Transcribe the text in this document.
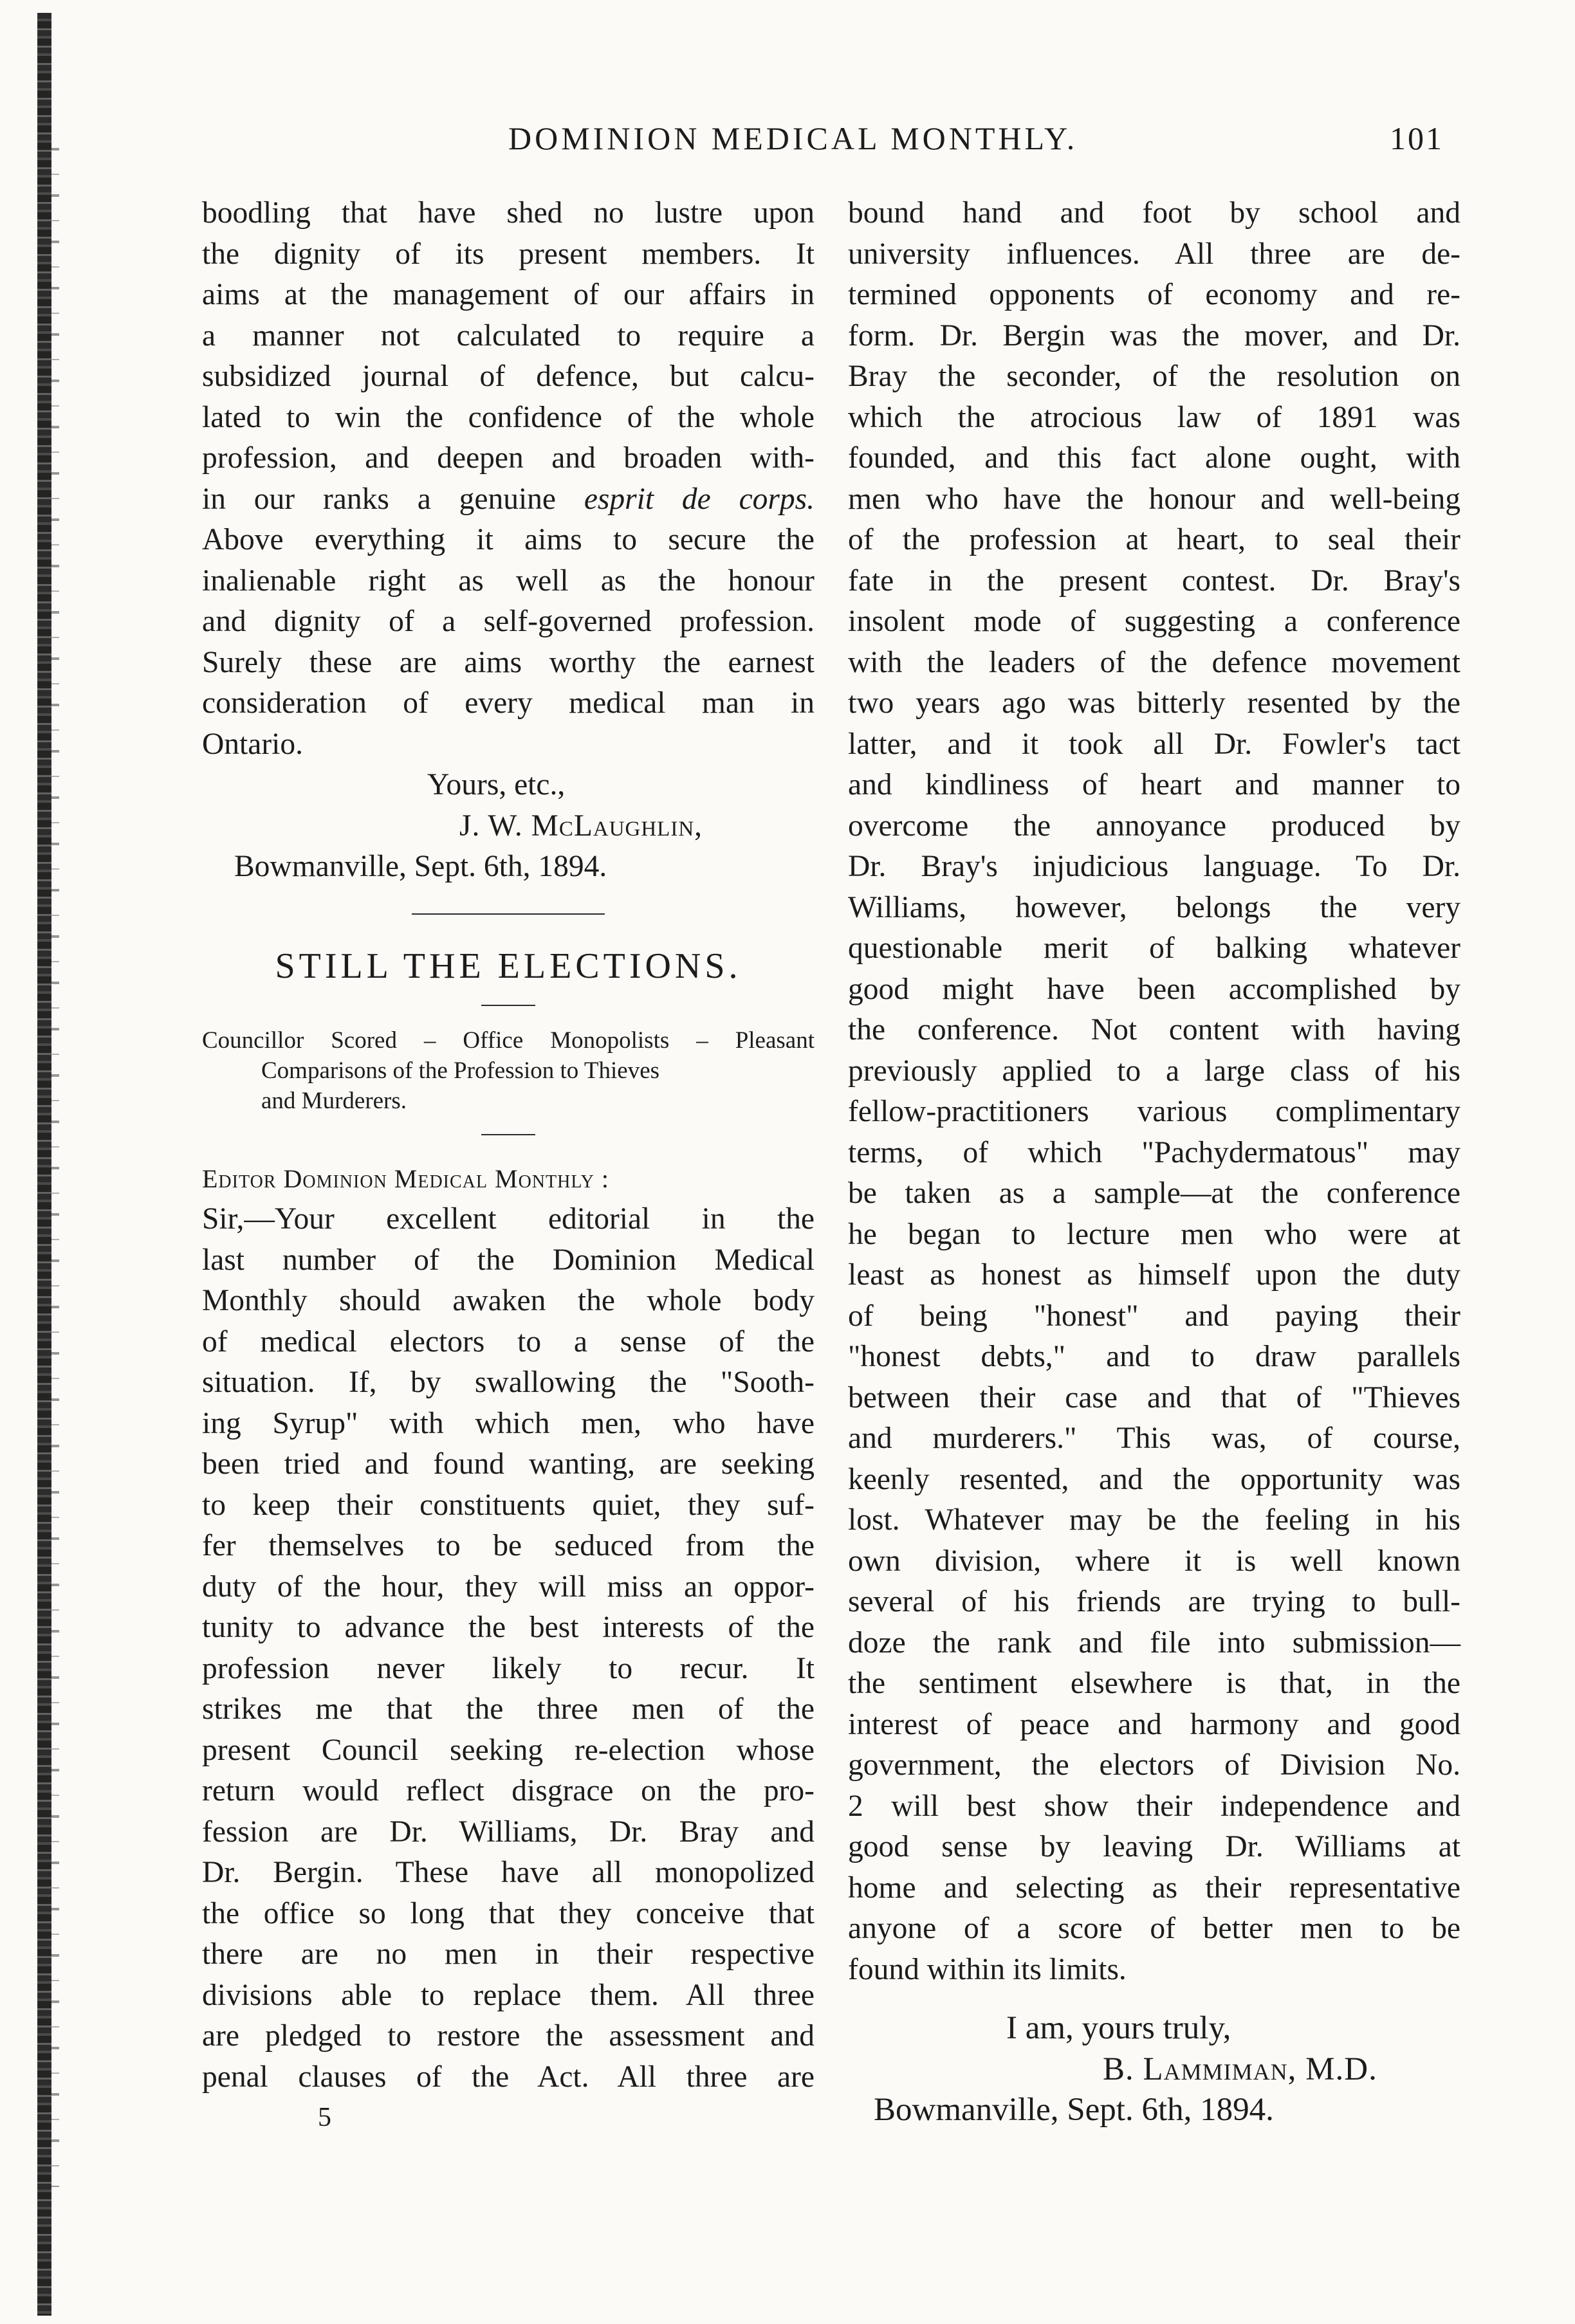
DOMINION MEDICAL MONTHLY.	101
boodling that have shed no lustre upon
the dignity of its present members. It
aims at the management of our affairs in
a manner not calculated to require a
subsidized journal of defence, but calcu-
lated to win the confidence of the whole
profession, and deepen and broaden with-
in our ranks a genuine esprit de corps.
Above everything it aims to secure the
inalienable right as well as the honour
and dignity of a self-governed profession.
Surely these are aims worthy the earnest
consideration of every medical man in
Ontario.
Yours, etc.,
J. W. McLaughlin,
Bowmanville, Sept. 6th, 1894.
STILL THE ELECTIONS.
Councillor Scored – Office Monopolists – Pleasant
Comparisons of the Profession to Thieves
and Murderers.
Editor Dominion Medical Monthly :
Sir,—Your excellent editorial in the
last number of the Dominion Medical
Monthly should awaken the whole body
of medical electors to a sense of the
situation. If, by swallowing the "Sooth-
ing Syrup" with which men, who have
been tried and found wanting, are seeking
to keep their constituents quiet, they suf-
fer themselves to be seduced from the
duty of the hour, they will miss an oppor-
tunity to advance the best interests of the
profession never likely to recur. It
strikes me that the three men of the
present Council seeking re-election whose
return would reflect disgrace on the pro-
fession are Dr. Williams, Dr. Bray and
Dr. Bergin. These have all monopolized
the office so long that they conceive that
there are no men in their respective
divisions able to replace them. All three
are pledged to restore the assessment and
penal clauses of the Act. All three are
5
bound hand and foot by school and
university influences. All three are de-
termined opponents of economy and re-
form. Dr. Bergin was the mover, and Dr.
Bray the seconder, of the resolution on
which the atrocious law of 1891 was
founded, and this fact alone ought, with
men who have the honour and well-being
of the profession at heart, to seal their
fate in the present contest. Dr. Bray's
insolent mode of suggesting a conference
with the leaders of the defence movement
two years ago was bitterly resented by the
latter, and it took all Dr. Fowler's tact
and kindliness of heart and manner to
overcome the annoyance produced by
Dr. Bray's injudicious language. To Dr.
Williams, however, belongs the very
questionable merit of balking whatever
good might have been accomplished by
the conference. Not content with having
previously applied to a large class of his
fellow-practitioners various complimentary
terms, of which "Pachydermatous" may
be taken as a sample—at the conference
he began to lecture men who were at
least as honest as himself upon the duty
of being "honest" and paying their
"honest debts," and to draw parallels
between their case and that of "Thieves
and murderers." This was, of course,
keenly resented, and the opportunity was
lost. Whatever may be the feeling in his
own division, where it is well known
several of his friends are trying to bull-
doze the rank and file into submission—
the sentiment elsewhere is that, in the
interest of peace and harmony and good
government, the electors of Division No.
2 will best show their independence and
good sense by leaving Dr. Williams at
home and selecting as their representative
anyone of a score of better men to be
found within its limits.
I am, yours truly,
B. Lammiman, M.D.
Bowmanville, Sept. 6th, 1894.
